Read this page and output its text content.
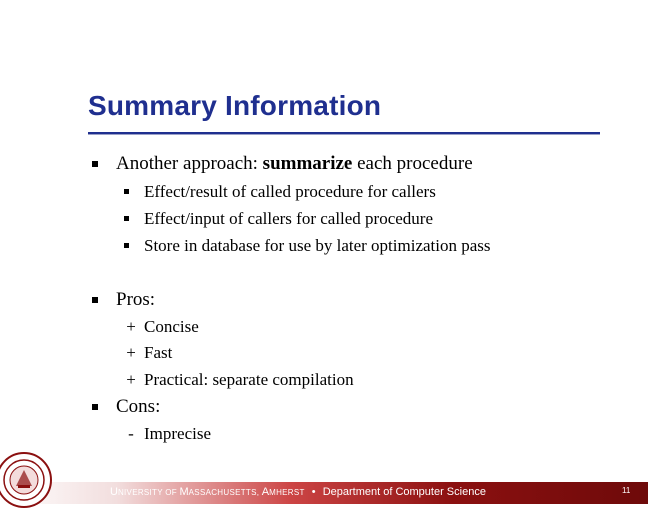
Summary Information
Another approach: summarize each procedure
Effect/result of called procedure for callers
Effect/input of callers for called procedure
Store in database for use by later optimization pass
Pros:
+ Concise
+ Fast
+ Practical: separate compilation
Cons:
- Imprecise
UNIVERSITY OF MASSACHUSETTS, AMHERST • Department of Computer Science	11
